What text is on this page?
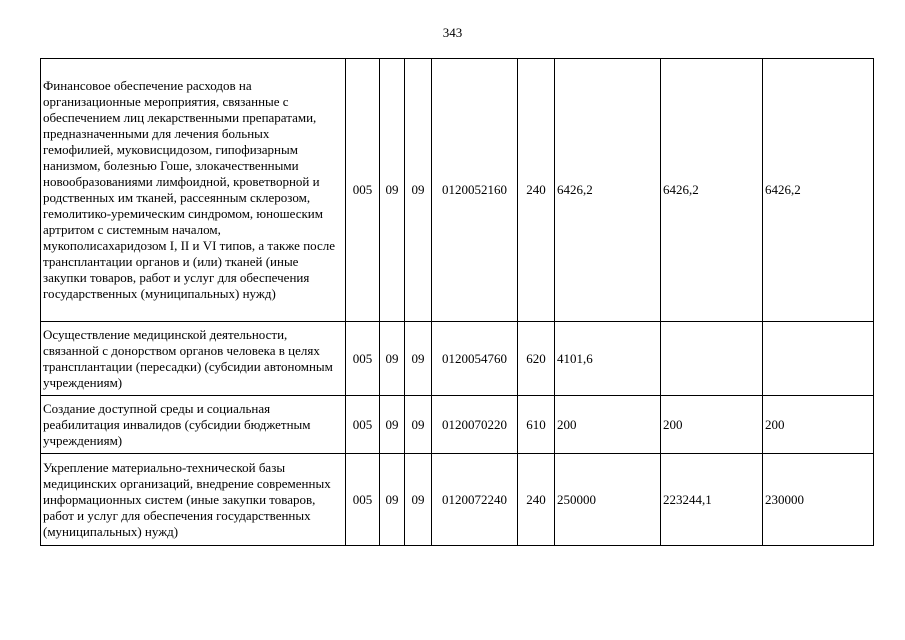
343
Финансовое обеспечение расходов на организационные мероприятия, связанные с обеспечением лиц лекарственными препаратами, предназначенными для лечения больных гемофилией, муковисцидозом, гипофизарным нанизмом, болезнью Гоше, злокачественными новообразованиями лимфоидной, кроветворной и родственных им тканей, рассеянным склерозом, гемолитико-уремическим синдромом, юношеским артритом с системным началом, мукополисахаридозом I, II и VI типов, а также после трансплантации органов и (или) тканей (иные закупки товаров, работ и услуг для обеспечения государственных (муниципальных) нужд)	005	09	09	0120052160	240	6426,2	6426,2	6426,2
Осуществление медицинской деятельности, связанной с донорством органов человека в целях трансплантации (пересадки) (субсидии автономным учреждениям)	005	09	09	0120054760	620	4101,6		
Создание доступной среды и социальная реабилитация инвалидов (субсидии бюджетным учреждениям)	005	09	09	0120070220	610	200	200	200
Укрепление материально-технической базы медицинских организаций, внедрение современных информационных систем (иные закупки товаров, работ и услуг для обеспечения государственных (муниципальных) нужд)	005	09	09	0120072240	240	250000	223244,1	230000
